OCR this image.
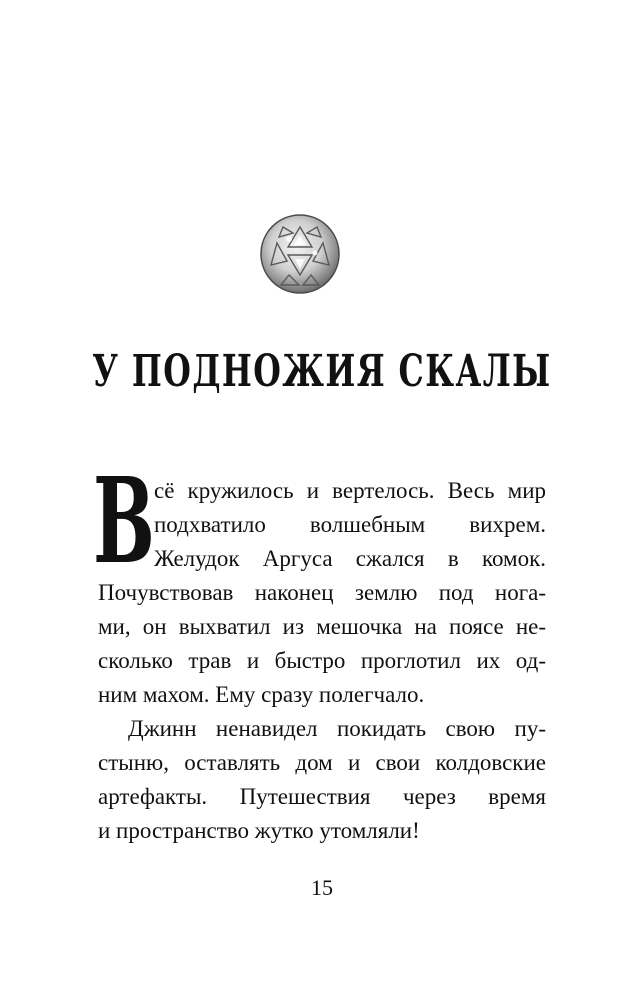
У ПОДНОЖИЯ СКАЛЫ
В сё кружилось и вертелось. Весь мир

подхватило волшебным вихрем.

Желудок Аргуса сжался в комок.

Почувствовав наконец землю под нога-

ми, он выхватил из мешочка на поясе не-

сколько трав и быстро проглотил их од-

ним махом. Ему сразу полегчало.

Джинн ненавидел покидать свою пу-

стыню, оставлять дом и свои колдовские

артефакты. Путешествия через время

и пространство жутко утомляли!

15
